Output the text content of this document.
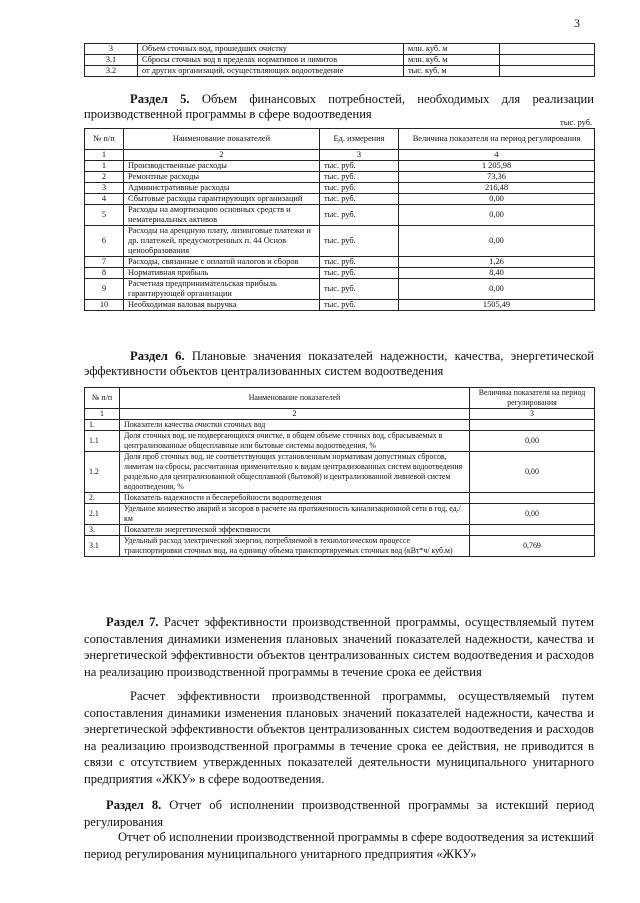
3
3	Объем сточных вод, прошедших очистку	млн. куб. м	
3.1	Сбросы сточных вод в пределах нормативов и лимитов	млн. куб. м	
3.2	от других организаций, осуществляющих водоотведение	тыс. куб. м	

Раздел 5. Объем финансовых потребностей, необходимых для реализации производственной программы в сфере водоотведения

тыс. руб.
№ п/п	Наименование показателей	Ед. измерения	Величина показателя на период регулирования
1	2	3	4
1	Производственные расходы	тыс. руб.	1 205,98
2	Ремонтные расходы	тыс. руб.	73,36
3	Административные расходы	тыс. руб.	216,48
4	Сбытовые расходы гарантирующих организаций	тыс. руб.	0,00
5	Расходы на амортизацию основных средств и нематериальных активов	тыс. руб.	0,00
6	Расходы на арендную плату, лизинговые платежи и др. платежей, предусмотренных п. 44 Основ ценообразования	тыс. руб.	0,00
7	Расходы, связанные с оплатой налогов и сборов	тыс. руб.	1,26
8	Нормативная прибыль	тыс. руб.	8,40
9	Расчетная предпринимательская прибыль гарантирующей организации	тыс. руб.	0,00
10	Необходимая валовая выручка	тыс. руб.	1505,49

Раздел 6. Плановые значения показателей надежности, качества, энергетической эффективности объектов централизованных систем водоотведения

№ п/п	Наименование показателей	Величина показателя на период регулирования
1	2	3
1.	Показатели качества очистки сточных вод	
1.1	Доля сточных вод, не подвергающихся очистке, в общем объеме сточных вод, сбрасываемых в централизованные общесплавные или бытовые системы водоотведения, %	0,00
1.2	Доля проб сточных вод, не соответствующих установленным нормативам допустимых сбросов, лимитам на сбросы, рассчитанная применительно к видам централизованных систем водоотведения раздельно для централизованной общесплавной (бытовой) и централизованной ливневой систем водоотведения, %	0,00
2.	Показатель надежности и бесперебойности водоотведения	
2.1	Удельное количество аварий и засоров в расчете на протяженность канализационной сети в год, ед./ км	0,00
3.	Показатели энергетической эффективности	
3.1	Удельный расход электрической энергии, потребляемой в технологическом процессе транспортировки сточных вод, на единицу объема транспортируемых сточных вод (кВт*ч/ куб.м)	0,769

Раздел 7. Расчет эффективности производственной программы, осуществляемый путем сопоставления динамики изменения плановых значений показателей надежности, качества и энергетической эффективности объектов централизованных систем водоотведения и расходов на реализацию производственной программы в течение срока ее действия

Расчет эффективности производственной программы, осуществляемый путем сопоставления динамики изменения плановых значений показателей надежности, качества и энергетической эффективности объектов централизованных систем водоотведения и расходов на реализацию производственной программы в течение срока ее действия, не приводится в связи с отсутствием утвержденных показателей деятельности муниципального унитарного предприятия «ЖКУ» в сфере водоотведения.

Раздел 8. Отчет об исполнении производственной программы за истекший период регулирования

Отчет об исполнении производственной программы в сфере водоотведения за истекший период регулирования муниципального унитарного предприятия «ЖКУ»
